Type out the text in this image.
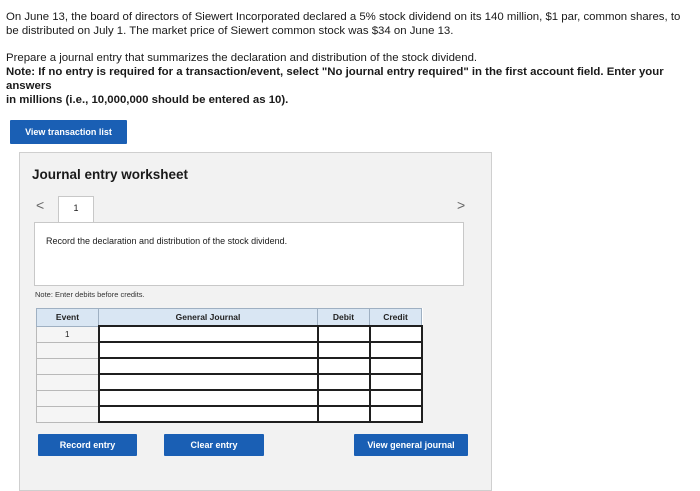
On June 13, the board of directors of Siewert Incorporated declared a 5% stock dividend on its 140 million, $1 par, common shares, to

be distributed on July 1. The market price of Siewert common stock was $34 on June 13.

Prepare a journal entry that summarizes the declaration and distribution of the stock dividend.

Note: If no entry is required for a transaction/event, select "No journal entry required" in the first account field. Enter your answers

in millions (i.e., 10,000,000 should be entered as 10).

View transaction list
Journal entry worksheet
<	1	>
Record the declaration and distribution of the stock dividend.
Note: Enter debits before credits.
Event	General Journal	Debit	Credit
1			

Record entry	Clear entry	View general journal
